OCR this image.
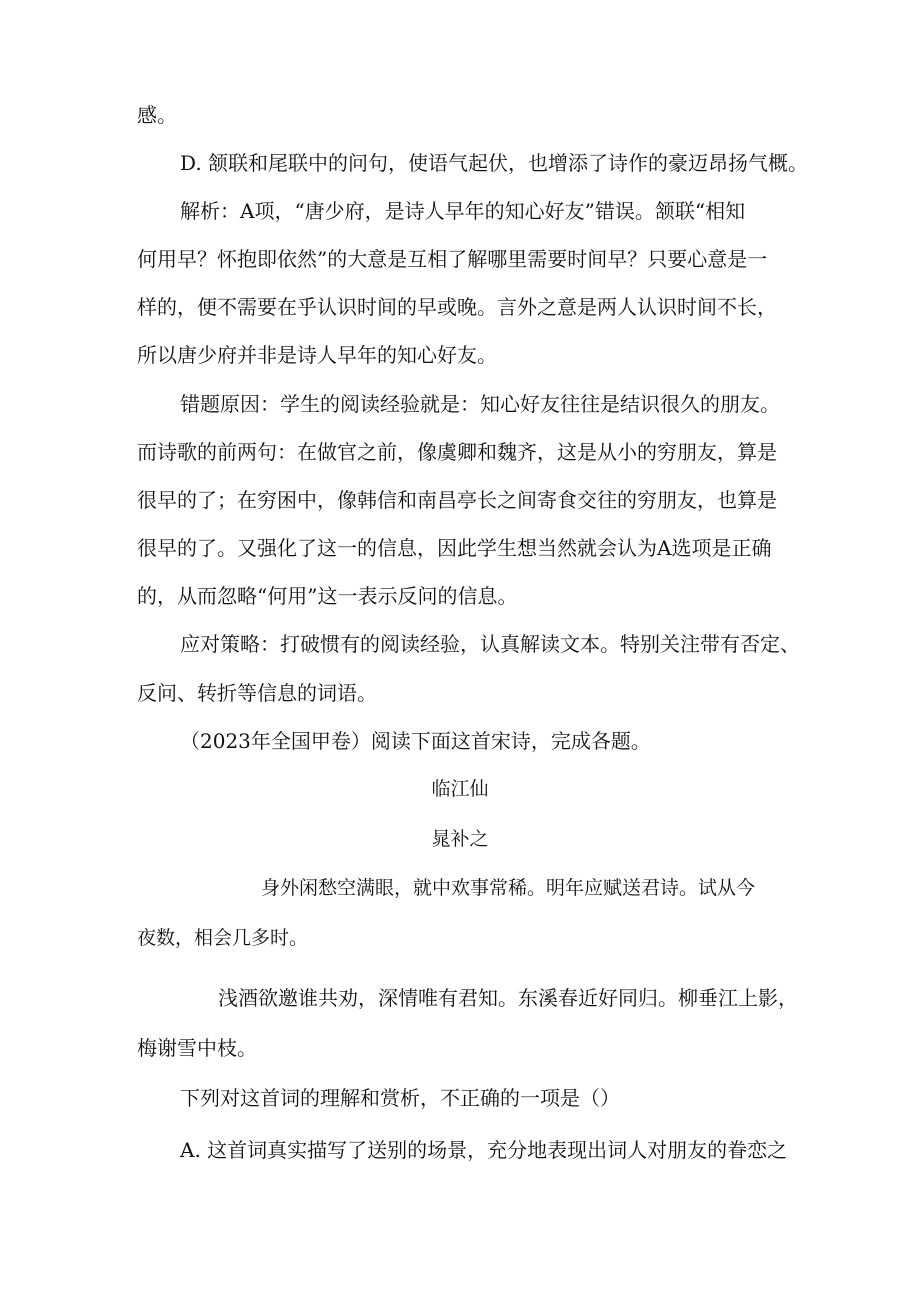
感。
D. 颔联和尾联中的问句，使语气起伏，也增添了诗作的豪迈昂扬气概。
解析：A项，“唐少府，是诗人早年的知心好友”错误。颔联“相知
何用早？怀抱即依然”的大意是互相了解哪里需要时间早？只要心意是一
样的，便不需要在乎认识时间的早或晚。言外之意是两人认识时间不长，
所以唐少府并非是诗人早年的知心好友。
错题原因：学生的阅读经验就是：知心好友往往是结识很久的朋友。
而诗歌的前两句：在做官之前，像虞卿和魏齐，这是从小的穷朋友，算是
很早的了；在穷困中，像韩信和南昌亭长之间寄食交往的穷朋友，也算是
很早的了。又强化了这一的信息，因此学生想当然就会认为A选项是正确
的，从而忽略“何用”这一表示反问的信息。
应对策略：打破惯有的阅读经验，认真解读文本。特别关注带有否定、
反问、转折等信息的词语。
（2023年全国甲卷）阅读下面这首宋诗，完成各题。
临江仙
晁补之
身外闲愁空满眼，就中欢事常稀。明年应赋送君诗。试从今
夜数，相会几多时。
浅酒欲邀谁共劝，深情唯有君知。东溪春近好同归。柳垂江上影，
梅谢雪中枝。
下列对这首词的理解和赏析，不正确的一项是（）
A. 这首词真实描写了送别的场景，充分地表现出词人对朋友的眷恋之
